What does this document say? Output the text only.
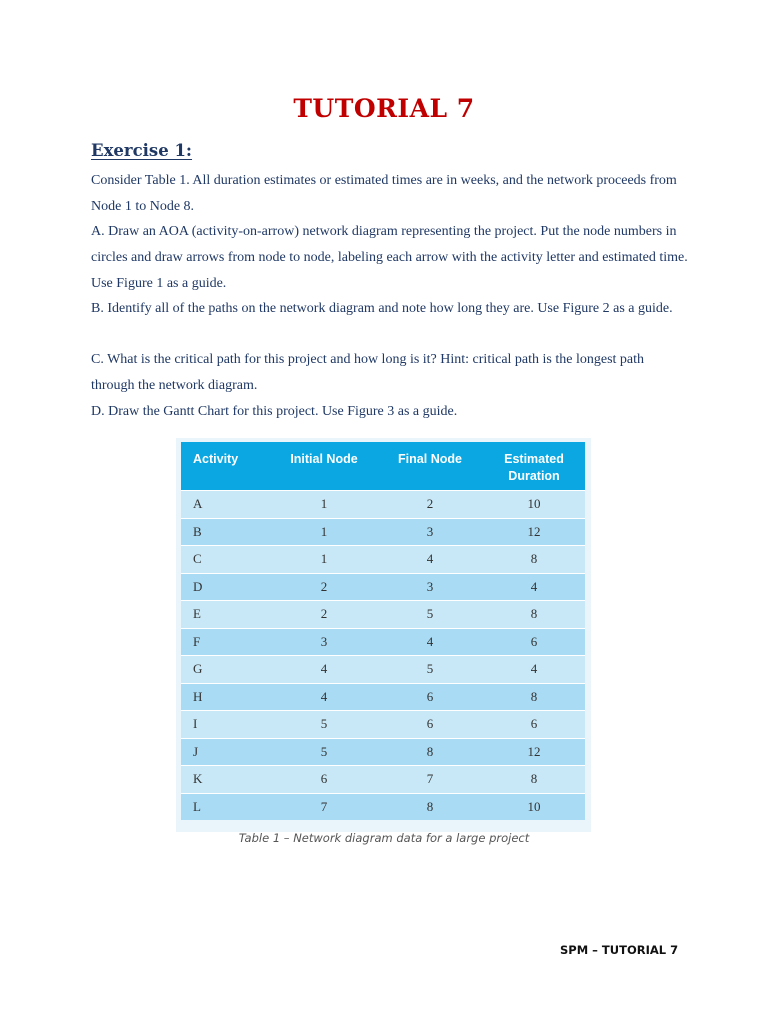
TUTORIAL 7
Exercise 1:

Consider Table 1. All duration estimates or estimated times are in weeks, and the network proceeds from Node 1 to Node 8.

A. Draw an AOA (activity-on-arrow) network diagram representing the project. Put the node numbers in circles and draw arrows from node to node, labeling each arrow with the activity letter and estimated time. Use Figure 1 as a guide.

B. Identify all of the paths on the network diagram and note how long they are. Use Figure 2 as a guide.

C. What is the critical path for this project and how long is it? Hint: critical path is the longest path through the network diagram.

D. Draw the Gantt Chart for this project. Use Figure 3 as a guide.

Activity	Initial Node	Final Node	Estimated Duration

A	1	2	10
B	1	3	12
C	1	4	8
D	2	3	4
E	2	5	8
F	3	4	6
G	4	5	4
H	4	6	8
I	5	6	6
J	5	8	12
K	6	7	8
L	7	8	10
Table 1 – Network diagram data for a large project
SPM – TUTORIAL 7
